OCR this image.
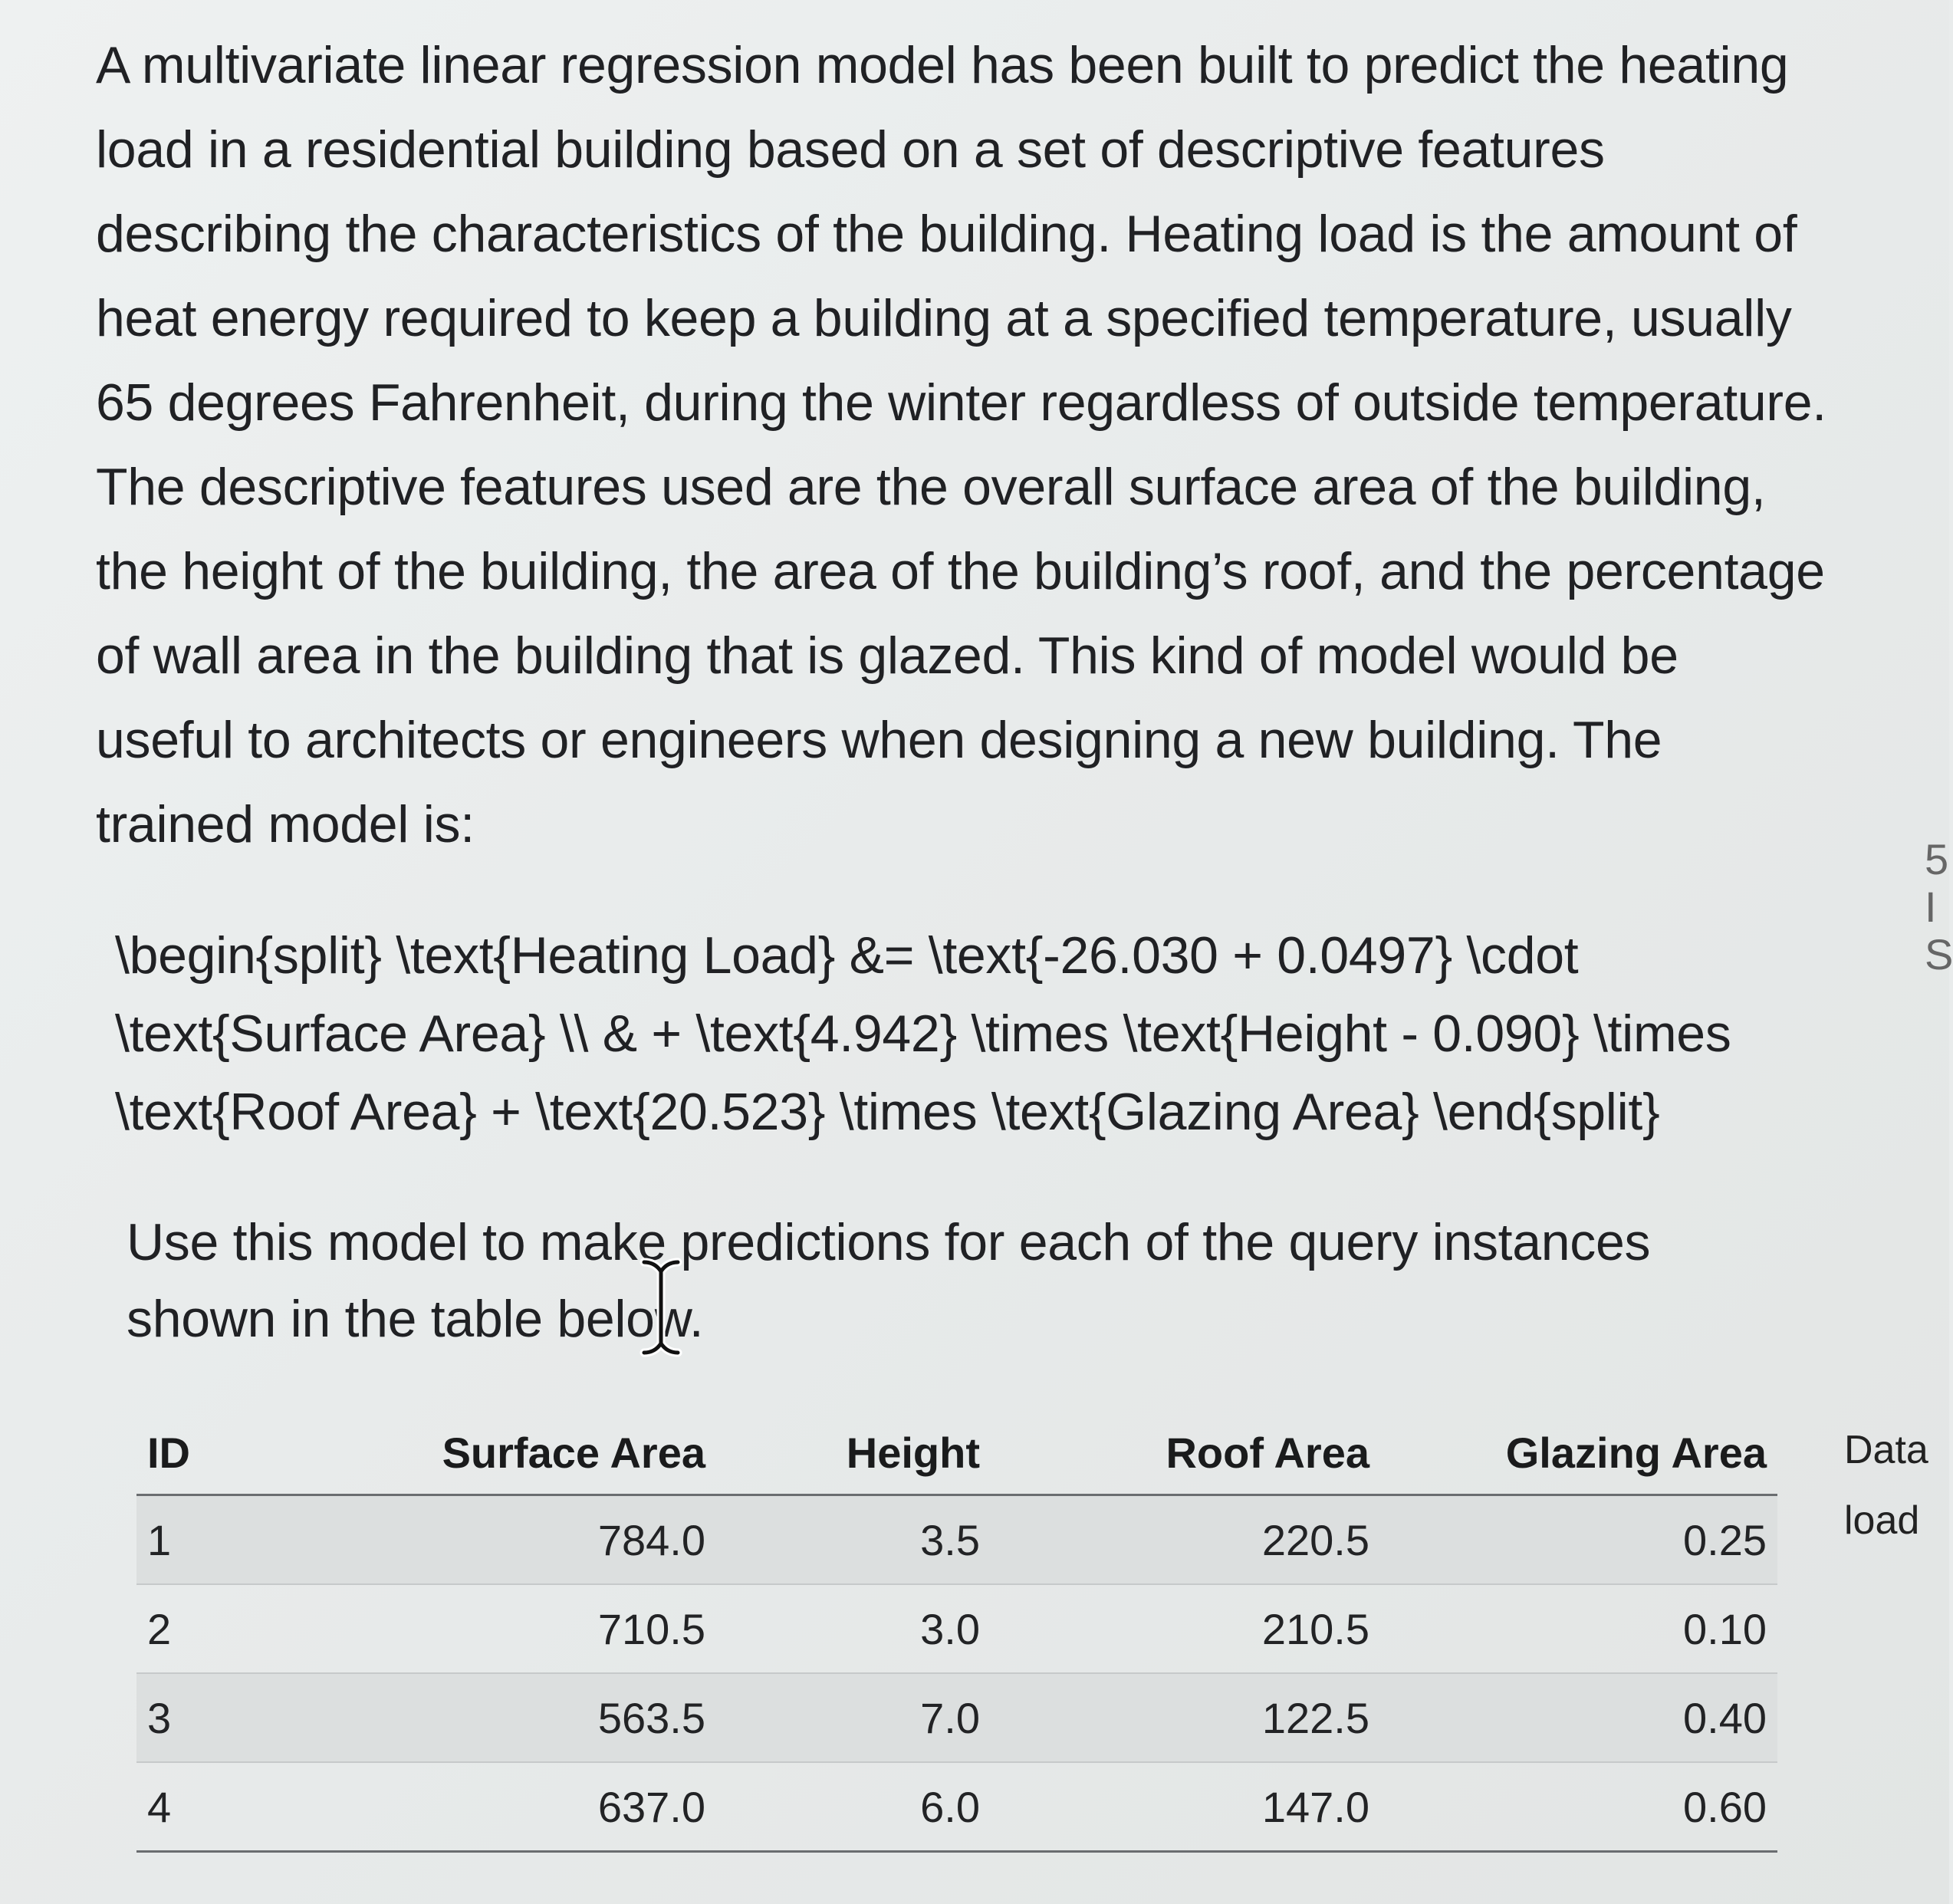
A multivariate linear regression model has been built to predict the heating load in a residential building based on a set of descriptive features describing the characteristics of the building. Heating load is the amount of heat energy required to keep a building at a specified temperature, usually 65 degrees Fahrenheit, during the winter regardless of outside temperature. The descriptive features used are the overall surface area of the building, the height of the building, the area of the building’s roof, and the percentage of wall area in the building that is glazed. This kind of model would be useful to architects or engineers when designing a new building. The trained model is:

\begin{split} \text{Heating Load} &= \text{-26.030 + 0.0497} \cdot \text{Surface Area} \\ & + \text{4.942} \times \text{Height - 0.090} \times \text{Roof Area} + \text{20.523} \times \text{Glazing Area} \end{split}

Use this model to make predictions for each of the query instances shown in the table below.

ID	Surface Area	Height	Roof Area	Glazing Area
1	784.0	3.5	220.5	0.25
2	710.5	3.0	210.5	0.10
3	563.5	7.0	122.5	0.40
4	637.0	6.0	147.0	0.60
Data
load
5
I
S
